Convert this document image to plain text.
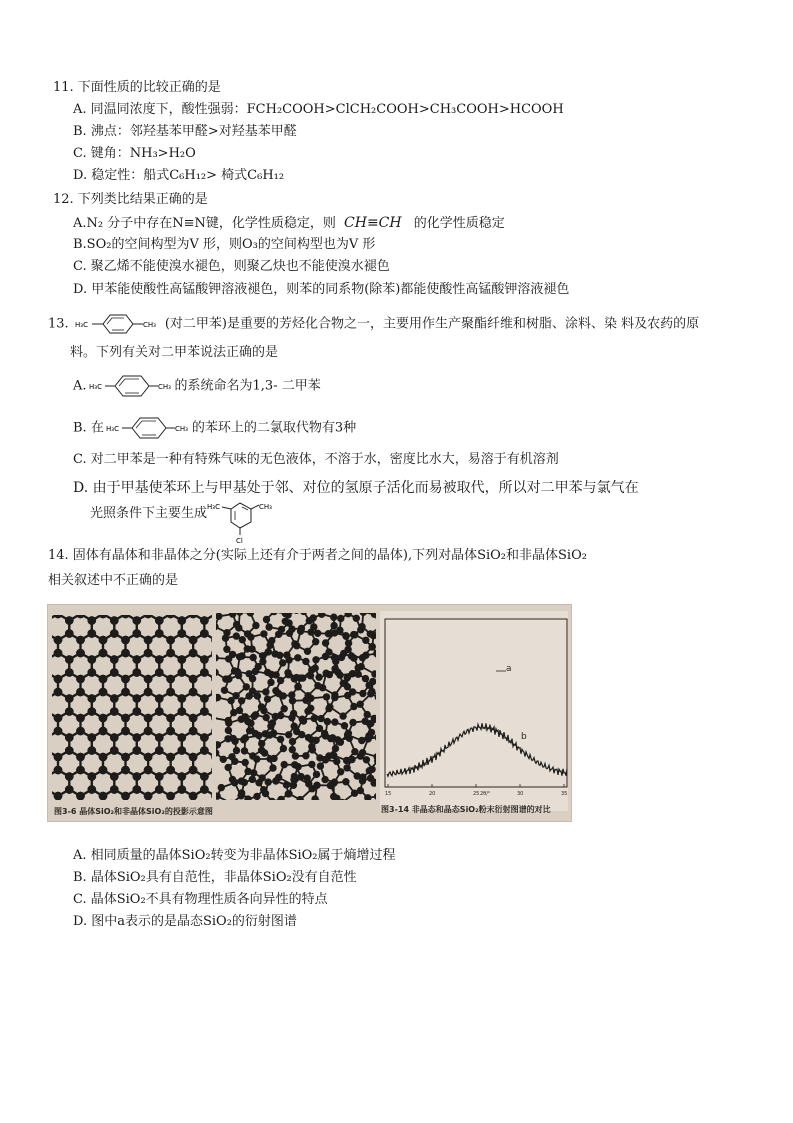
11. 下面性质的比较正确的是
A. 同温同浓度下，酸性强弱：FCH₂COOH>ClCH₂COOH>CH₃COOH>HCOOH
B. 沸点：邻羟基苯甲醛>对羟基苯甲醛
C. 键角：NH₃>H₂O
D. 稳定性：船式C₆H₁₂> 椅式C₆H₁₂
12. 下列类比结果正确的是
A.N₂ 分子中存在N≡N键，化学性质稳定，则 CH≡CH 的化学性质稳定
B.SO₂的空间构型为V 形，则O₃的空间构型也为V 形
C. 聚乙烯不能使溴水褪色，则聚乙炔也不能使溴水褪色
D. 甲苯能使酸性高锰酸钾溶液褪色，则苯的同系物(除苯)都能使酸性高锰酸钾溶液褪色
13. H₃C	CH₃ (对二甲苯)是重要的芳烃化合物之一，主要用作生产聚酯纤维和树脂、涂料、染 料及农药的原
料。下列有关对二甲苯说法正确的是
A. H₃C	CH₃ 的系统命名为1,3- 二甲苯
B. 在 H₃C	CH₃ 的苯环上的二氯取代物有3种
C. 对二甲苯是一种有特殊气味的无色液体，不溶于水，密度比水大，易溶于有机溶剂
D. 由于甲基使苯环上与甲基处于邻、对位的氢原子活化而易被取代，所以对二甲苯与氯气在
光照条件下主要生成 H₃C	CH₃
Cl
14. 固体有晶体和非晶体之分(实际上还有介于两者之间的晶体),下列对晶体SiO₂和非晶体SiO₂
相关叙述中不正确的是
15	20	25	30	35
图3-6 晶体SiO₂和非晶体SiO₂的投影示意图	图3-14 非晶态和晶态SiO₂粉末衍射图谱的对比
a
b
2θ/°
A. 相同质量的晶体SiO₂转变为非晶体SiO₂属于熵增过程
B. 晶体SiO₂具有自范性，非晶体SiO₂没有自范性
C. 晶体SiO₂不具有物理性质各向异性的特点
D. 图中a表示的是晶态SiO₂的衍射图谱
